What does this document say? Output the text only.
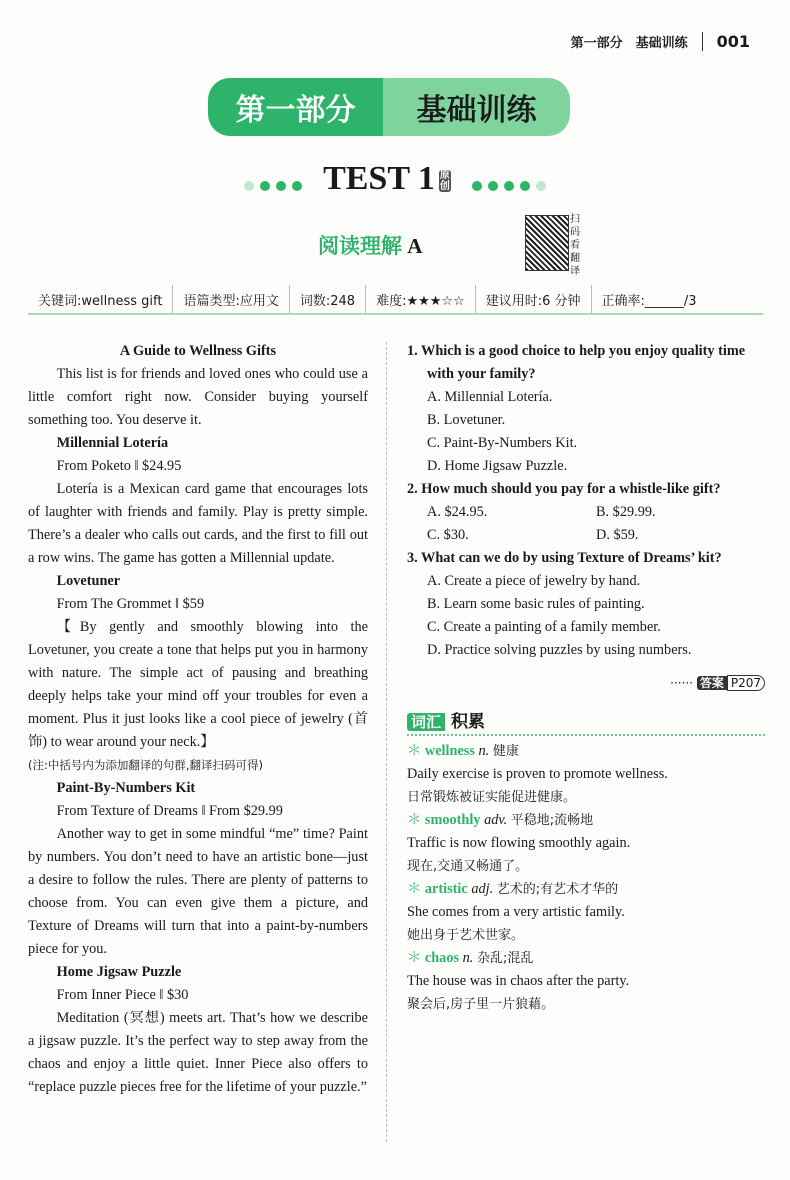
第一部分　基础训练 001
第一部分	基础训练
TEST 1 原创
阅读理解 A
扫码看翻译
关键词:wellness gift	语篇类型:应用文	词数:248	难度:★★★☆☆	建议用时:6 分钟	正确率:______/3

A Guide to Wellness Gifts

This list is for friends and loved ones who could use a little comfort right now. Consider buying yourself something too. You deserve it.

Millennial Lotería

From Poketo ‖ $24.95

Lotería is a Mexican card game that encourages lots of laughter with friends and family. Play is pretty simple. There’s a dealer who calls out cards, and the first to fill out a row wins. The game has gotten a Millennial update.

Lovetuner

From The Grommet ‖ $59

【By gently and smoothly blowing into the Lovetuner, you create a tone that helps put you in harmony with nature. The simple act of pausing and breathing deeply helps take your mind off your troubles for even a moment. Plus it just looks like a cool piece of jewelry (首饰) to wear around your neck.】

(注:中括号内为添加翻译的句群,翻译扫码可得)

Paint-By-Numbers Kit

From Texture of Dreams ‖ From $29.99

Another way to get in some mindful “me” time? Paint by numbers. You don’t need to have an artistic bone—just a desire to follow the rules. There are plenty of patterns to choose from. You can even give them a picture, and Texture of Dreams will turn that into a paint-by-numbers piece for you.

Home Jigsaw Puzzle

From Inner Piece ‖ $30

Meditation (冥想) meets art. That’s how we describe a jigsaw puzzle. It’s the perfect way to step away from the chaos and enjoy a little quiet. Inner Piece also offers to “replace puzzle pieces free for the lifetime of your puzzle.”

1. Which is a good choice to help you enjoy quality time with your family?
A. Millennial Lotería.
B. Lovetuner.
C. Paint-By-Numbers Kit.
D. Home Jigsaw Puzzle.
2. How much should you pay for a whistle-like gift?
A. $24.95.	B. $29.99.
C. $30.	D. $59.
3. What can we do by using Texture of Dreams’ kit?
A. Create a piece of jewelry by hand.
B. Learn some basic rules of painting.
C. Create a painting of a family member.
D. Practice solving puzzles by using numbers.
······ 答案 P207
词汇 积累
＊ wellness n. 健康
Daily exercise is proven to promote wellness.
日常锻炼被证实能促进健康。
＊ smoothly adv. 平稳地;流畅地
Traffic is now flowing smoothly again.
现在,交通又畅通了。
＊ artistic adj. 艺术的;有艺术才华的
She comes from a very artistic family.
她出身于艺术世家。
＊ chaos n. 杂乱;混乱
The house was in chaos after the party.
聚会后,房子里一片狼藉。
